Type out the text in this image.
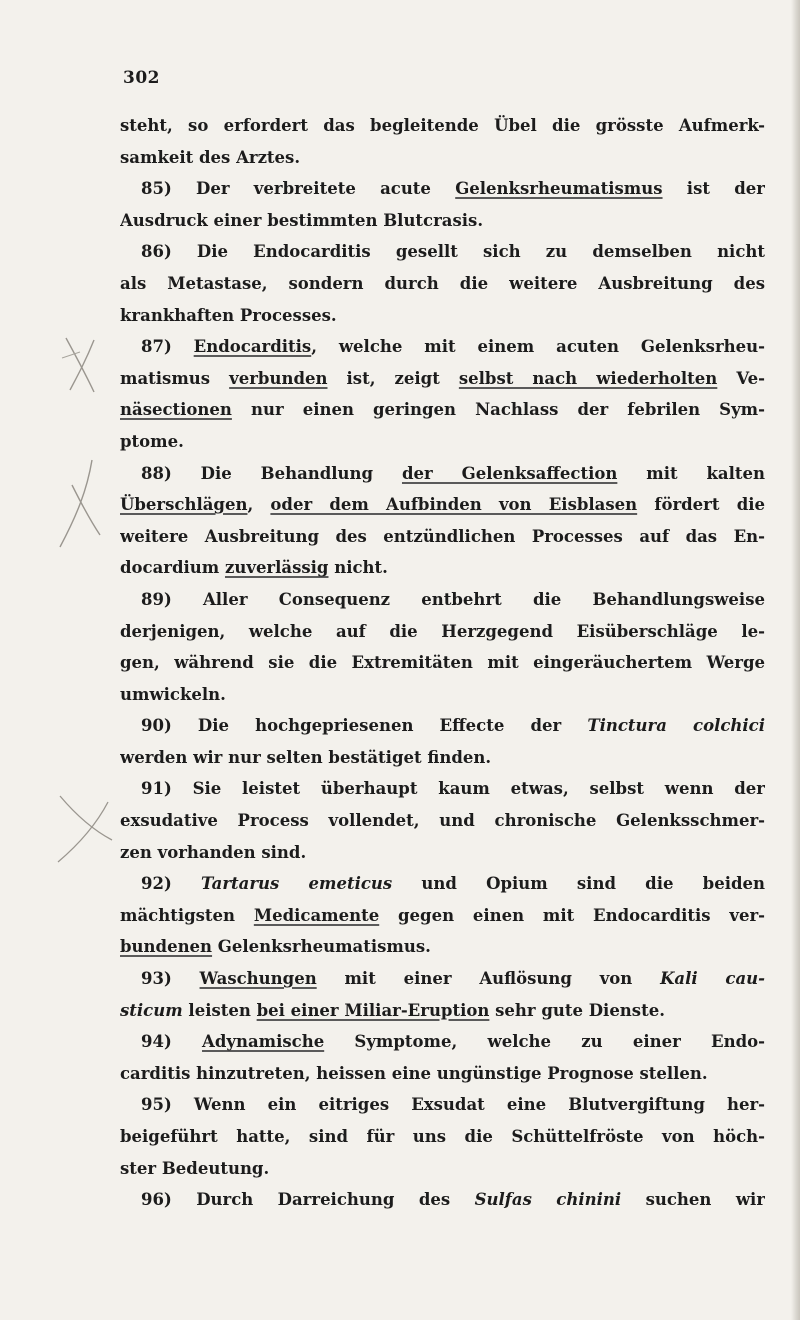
302
steht, so erfordert das begleitende Übel die grösste Aufmerk-
samkeit des Arztes.
85) Der verbreitete acute Gelenksrheumatismus ist der
Ausdruck einer bestimmten Blutcrasis.
86) Die Endocarditis gesellt sich zu demselben nicht
als Metastase, sondern durch die weitere Ausbreitung des
krankhaften Processes.
87) Endocarditis, welche mit einem acuten Gelenksrheu-
matismus verbunden ist, zeigt selbst nach wiederholten Ve-
näsectionen nur einen geringen Nachlass der febrilen Sym-
ptome.
88) Die Behandlung der Gelenksaffection mit kalten
Überschlägen, oder dem Aufbinden von Eisblasen fördert die
weitere Ausbreitung des entzündlichen Processes auf das En-
docardium zuverlässig nicht.
89) Aller Consequenz entbehrt die Behandlungsweise
derjenigen, welche auf die Herzgegend Eisüberschläge le-
gen, während sie die Extremitäten mit eingeräuchertem Werge
umwickeln.
90) Die hochgepriesenen Effecte der Tinctura colchici
werden wir nur selten bestätiget finden.
91) Sie leistet überhaupt kaum etwas, selbst wenn der
exsudative Process vollendet, und chronische Gelenksschmer-
zen vorhanden sind.
92) Tartarus emeticus und Opium sind die beiden
mächtigsten Medicamente gegen einen mit Endocarditis ver-
bundenen Gelenksrheumatismus.
93) Waschungen mit einer Auflösung von Kali cau-
sticum leisten bei einer Miliar-Eruption sehr gute Dienste.
94) Adynamische Symptome, welche zu einer Endo-
carditis hinzutreten, heissen eine ungünstige Prognose stellen.
95) Wenn ein eitriges Exsudat eine Blutvergiftung her-
beigeführt hatte, sind für uns die Schüttelfröste von höch-
ster Bedeutung.
96) Durch Darreichung des Sulfas chinini suchen wir
